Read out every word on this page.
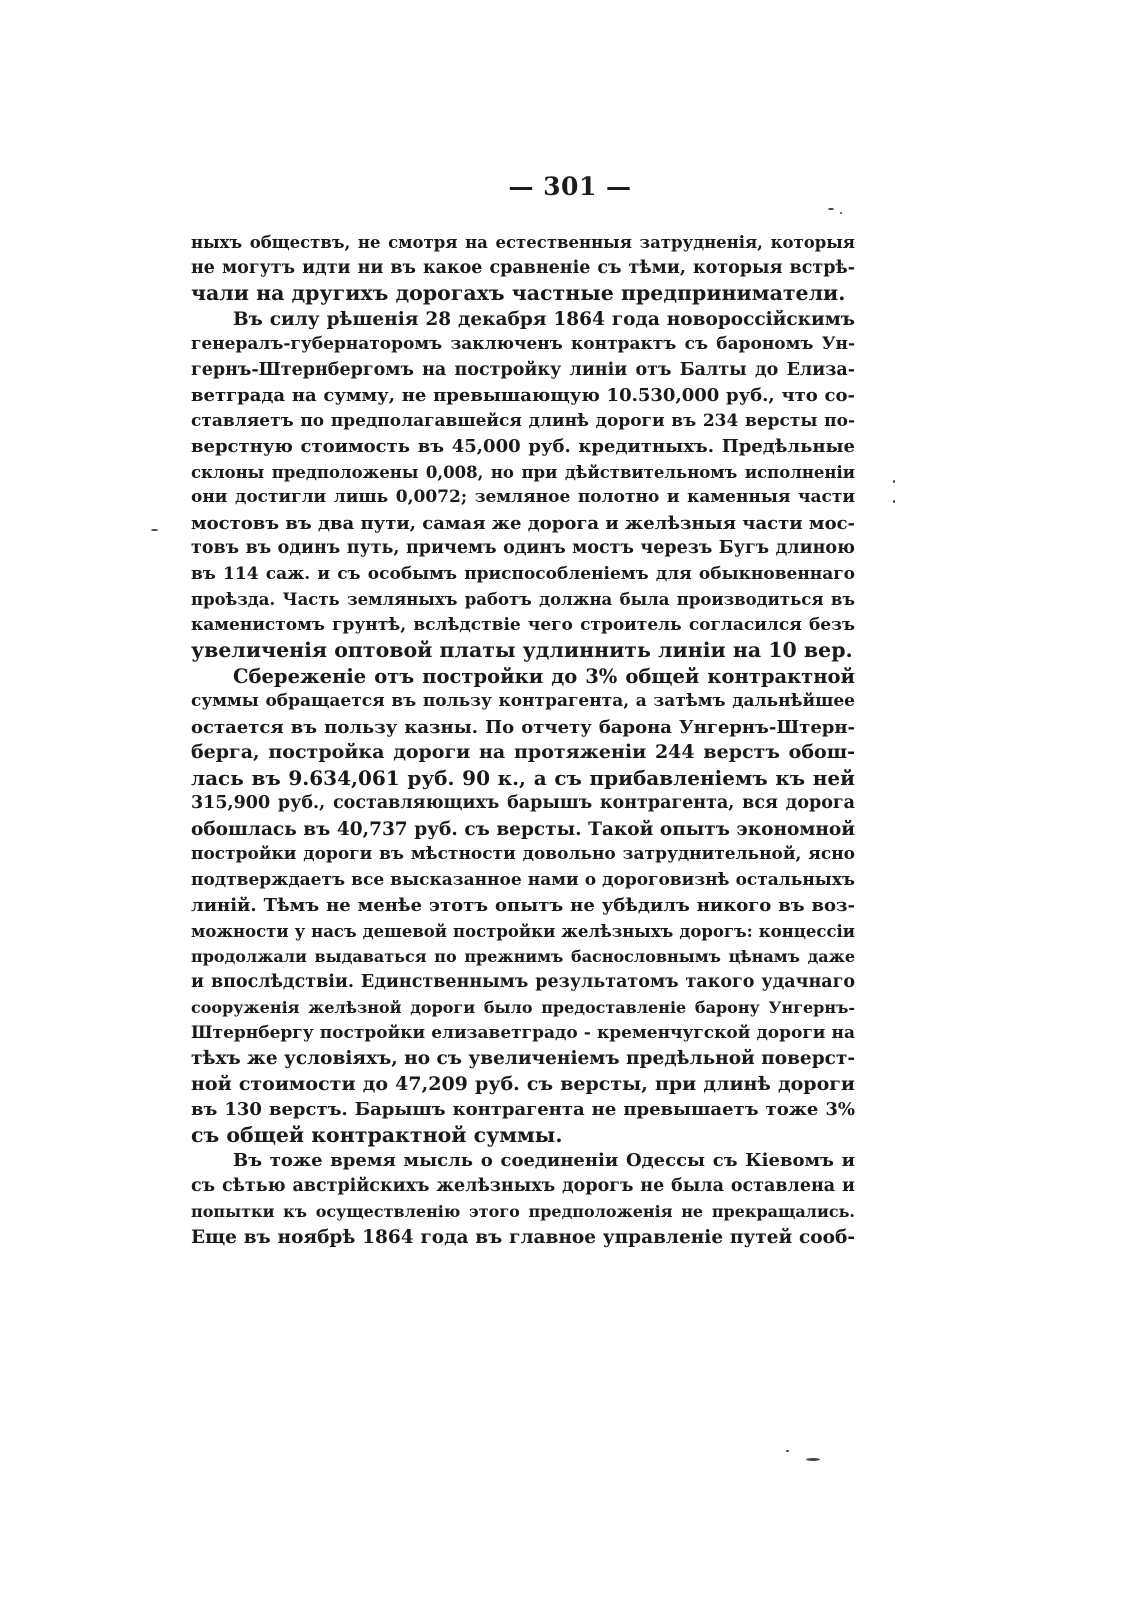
— 301 —
ныхъ обществъ, не смотря на естественныя затрудненія, которыя
не могутъ идти ни въ какое сравненіе съ тѣми, которыя встрѣ-
чали на другихъ дорогахъ частные предприниматели.
Въ силу рѣшенія 28 декабря 1864 года новороссійскимъ
генералъ-губернаторомъ заключенъ контрактъ съ барономъ Ун-
гернъ-Штернбергомъ на постройку линіи отъ Балты до Елиза-
ветграда на сумму, не превышающую 10.530,000 руб., что со-
ставляетъ по предполагавшейся длинѣ дороги въ 234 версты по-
верстную стоимость въ 45,000 руб. кредитныхъ. Предѣльные
склоны предположены 0,008, но при дѣйствительномъ исполненіи
они достигли лишь 0,0072; земляное полотно и каменныя части
мостовъ въ два пути, самая же дорога и желѣзныя части мос-
товъ въ одинъ путь, причемъ одинъ мостъ черезъ Бугъ длиною
въ 114 саж. и съ особымъ приспособленіемъ для обыкновеннаго
проѣзда. Часть земляныхъ работъ должна была производиться въ
каменистомъ грунтѣ, вслѣдствіе чего строитель согласился безъ
увеличенія оптовой платы удлиннить линіи на 10 вер.
Сбереженіе отъ постройки до 3% общей контрактной
суммы обращается въ пользу контрагента, а затѣмъ дальнѣйшее
остается въ пользу казны. По отчету барона Унгернъ-Штерн-
берга, постройка дороги на протяженіи 244 верстъ обош-
лась въ 9.634,061 руб. 90 к., а съ прибавленіемъ къ ней
315,900 руб., составляющихъ барышъ контрагента, вся дорога
обошлась въ 40,737 руб. съ версты. Такой опытъ экономной
постройки дороги въ мѣстности довольно затруднительной, ясно
подтверждаетъ все высказанное нами о дороговизнѣ остальныхъ
линій. Тѣмъ не менѣе этотъ опытъ не убѣдилъ никого въ воз-
можности у насъ дешевой постройки желѣзныхъ дорогъ: концессіи
продолжали выдаваться по прежнимъ баснословнымъ цѣнамъ даже
и впослѣдствіи. Единственнымъ результатомъ такого удачнаго
сооруженія желѣзной дороги было предоставленіе барону Унгернъ-
Штернбергу постройки елизаветградо - кременчугской дороги на
тѣхъ же условіяхъ, но съ увеличеніемъ предѣльной поверст-
ной стоимости до 47,209 руб. съ версты, при длинѣ дороги
въ 130 верстъ. Барышъ контрагента не превышаетъ тоже 3%
съ общей контрактной суммы.
Въ тоже время мысль о соединеніи Одессы съ Кіевомъ и
съ сѣтью австрійскихъ желѣзныхъ дорогъ не была оставлена и
попытки къ осуществленію этого предположенія не прекращались.
Еще въ ноябрѣ 1864 года въ главное управленіе путей сооб-
